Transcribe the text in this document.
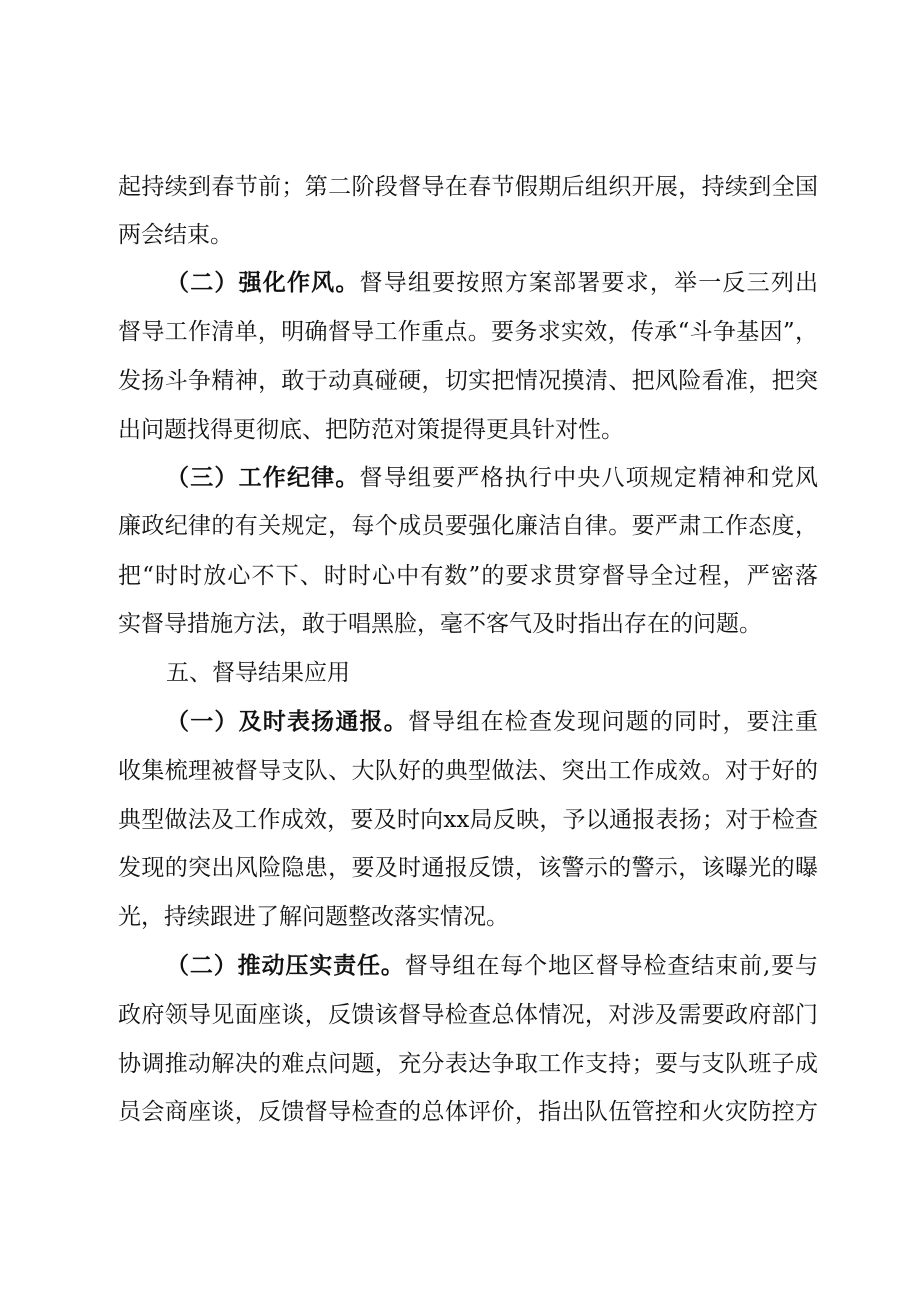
起持续到春节前；第二阶段督导在春节假期后组织开展，持续到全国
两会结束。
（二）强化作风。督导组要按照方案部署要求，举一反三列出
督导工作清单，明确督导工作重点。要务求实效，传承“斗争基因”，
发扬斗争精神，敢于动真碰硬，切实把情况摸清、把风险看准，把突
出问题找得更彻底、把防范对策提得更具针对性。
（三）工作纪律。督导组要严格执行中央八项规定精神和党风
廉政纪律的有关规定，每个成员要强化廉洁自律。要严肃工作态度，
把“时时放心不下、时时心中有数”的要求贯穿督导全过程，严密落
实督导措施方法，敢于唱黑脸，毫不客气及时指出存在的问题。
五、督导结果应用
（一）及时表扬通报。督导组在检查发现问题的同时，要注重
收集梳理被督导支队、大队好的典型做法、突出工作成效。对于好的
典型做法及工作成效，要及时向xx局反映，予以通报表扬；对于检查
发现的突出风险隐患，要及时通报反馈，该警示的警示，该曝光的曝
光，持续跟进了解问题整改落实情况。
（二）推动压实责任。督导组在每个地区督导检查结束前,要与
政府领导见面座谈，反馈该督导检查总体情况，对涉及需要政府部门
协调推动解决的难点问题，充分表达争取工作支持；要与支队班子成
员会商座谈，反馈督导检查的总体评价，指出队伍管控和火灾防控方
